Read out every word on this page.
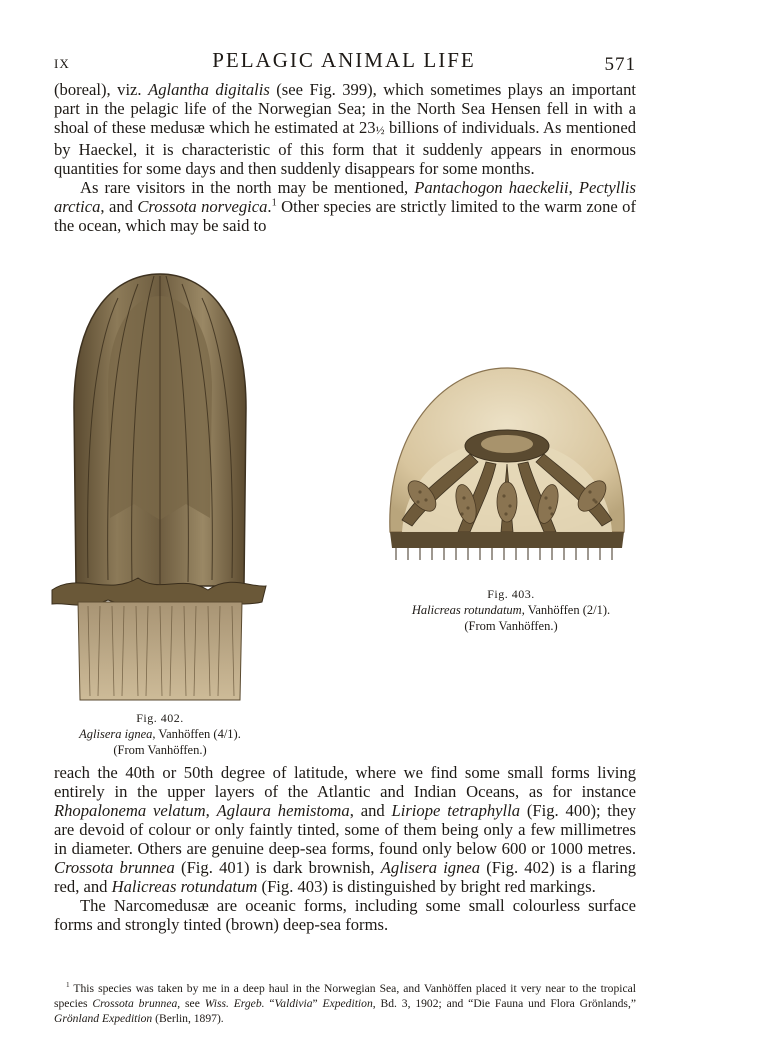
IX	PELAGIC ANIMAL LIFE	571

(boreal), viz. Aglantha digitalis (see Fig. 399), which sometimes plays an important part in the pelagic life of the Norwegian Sea; in the North Sea Hensen fell in with a shoal of these medusæ which he estimated at 23½ billions of individuals. As mentioned by Haeckel, it is characteristic of this form that it suddenly appears in enormous quantities for some days and then suddenly disappears for some months.

As rare visitors in the north may be mentioned, Pantachogon haeckelii, Pectyllis arctica, and Crossota norvegica.$^1$ Other species are strictly limited to the warm zone of the ocean, which may be said to

Fig. 403.
Halicreas rotundatum, Vanhöffen (2/1).
(From Vanhöffen.)
Fig. 402.
Aglisera ignea, Vanhöffen (4/1).
(From Vanhöffen.)

reach the 40th or 50th degree of latitude, where we find some small forms living entirely in the upper layers of the Atlantic and Indian Oceans, as for instance Rhopalonema velatum, Aglaura hemistoma, and Liriope tetraphylla (Fig. 400); they are devoid of colour or only faintly tinted, some of them being only a few millimetres in diameter. Others are genuine deep-sea forms, found only below 600 or 1000 metres. Crossota brunnea (Fig. 401) is dark brownish, Aglisera ignea (Fig. 402) is a flaring red, and Halicreas rotundatum (Fig. 403) is distinguished by bright red markings.

The Narcomedusæ are oceanic forms, including some small colourless surface forms and strongly tinted (brown) deep-sea forms.

$^1$ This species was taken by me in a deep haul in the Norwegian Sea, and Vanhöffen placed it very near to the tropical species Crossota brunnea, see Wiss. Ergeb. “Valdivia” Expedition, Bd. 3, 1902; and “Die Fauna und Flora Grönlands,” Grönland Expedition (Berlin, 1897).
